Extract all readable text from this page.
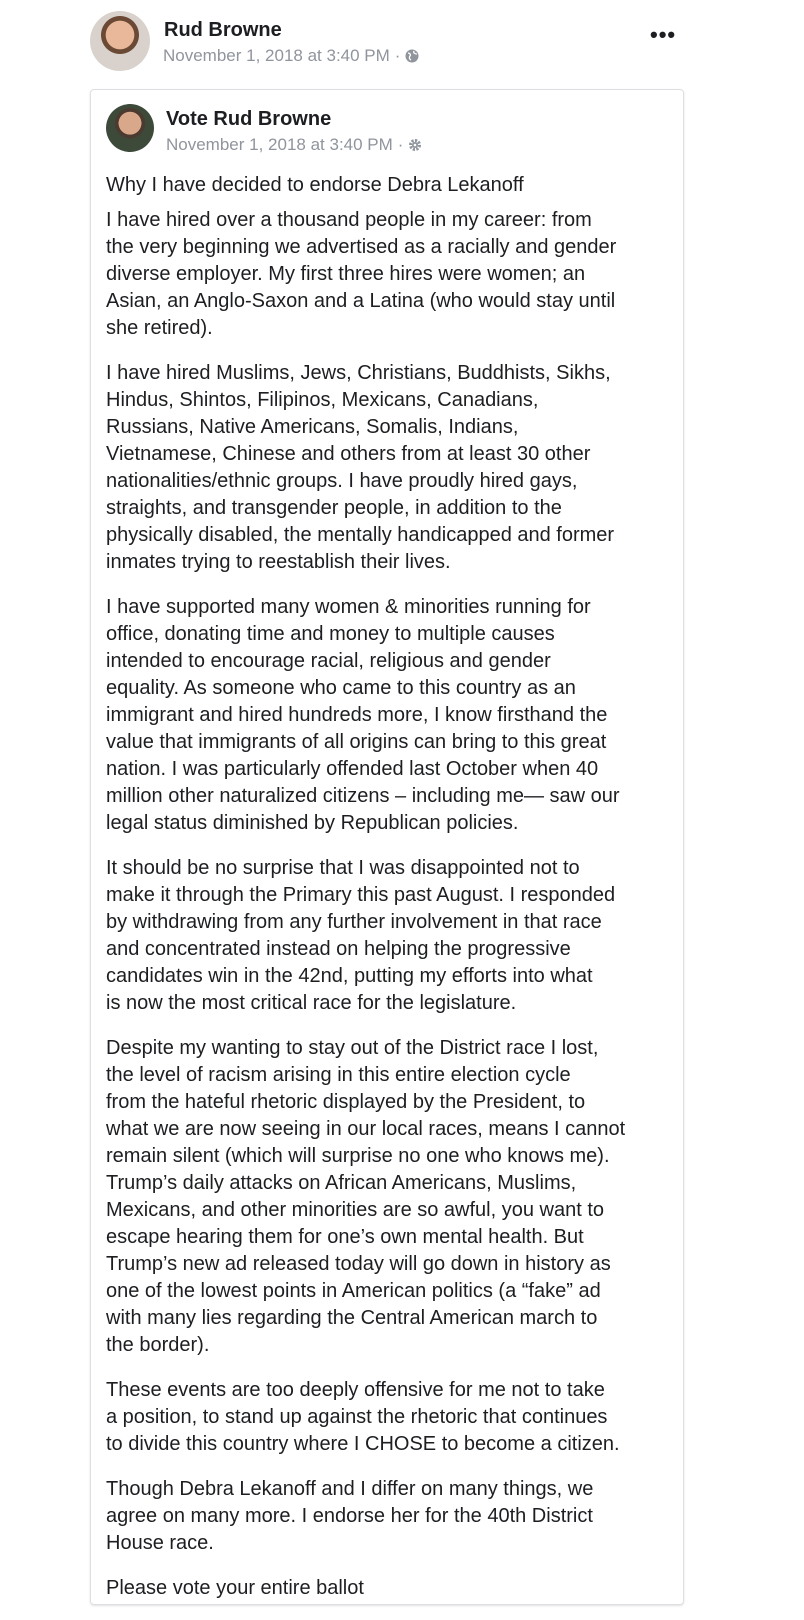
Rud Browne
November 1, 2018 at 3:40 PM ·
•••
Vote Rud Browne
November 1, 2018 at 3:40 PM ·

Why I have decided to endorse Debra Lekanoff

I have hired over a thousand people in my career: from
the very beginning we advertised as a racially and gender
diverse employer. My first three hires were women; an
Asian, an Anglo-Saxon and a Latina (who would stay until
she retired).

I have hired Muslims, Jews, Christians, Buddhists, Sikhs,
Hindus, Shintos, Filipinos, Mexicans, Canadians,
Russians, Native Americans, Somalis, Indians,
Vietnamese, Chinese and others from at least 30 other
nationalities/ethnic groups. I have proudly hired gays,
straights, and transgender people, in addition to the
physically disabled, the mentally handicapped and former
inmates trying to reestablish their lives.

I have supported many women & minorities running for
office, donating time and money to multiple causes
intended to encourage racial, religious and gender
equality. As someone who came to this country as an
immigrant and hired hundreds more, I know firsthand the
value that immigrants of all origins can bring to this great
nation. I was particularly offended last October when 40
million other naturalized citizens – including me— saw our
legal status diminished by Republican policies.

It should be no surprise that I was disappointed not to
make it through the Primary this past August. I responded
by withdrawing from any further involvement in that race
and concentrated instead on helping the progressive
candidates win in the 42nd, putting my efforts into what
is now the most critical race for the legislature.

Despite my wanting to stay out of the District race I lost,
the level of racism arising in this entire election cycle
from the hateful rhetoric displayed by the President, to
what we are now seeing in our local races, means I cannot
remain silent (which will surprise no one who knows me).
Trump’s daily attacks on African Americans, Muslims,
Mexicans, and other minorities are so awful, you want to
escape hearing them for one’s own mental health. But
Trump’s new ad released today will go down in history as
one of the lowest points in American politics (a “fake” ad
with many lies regarding the Central American march to
the border).

These events are too deeply offensive for me not to take
a position, to stand up against the rhetoric that continues
to divide this country where I CHOSE to become a citizen.

Though Debra Lekanoff and I differ on many things, we
agree on many more. I endorse her for the 40th District
House race.

Please vote your entire ballot
